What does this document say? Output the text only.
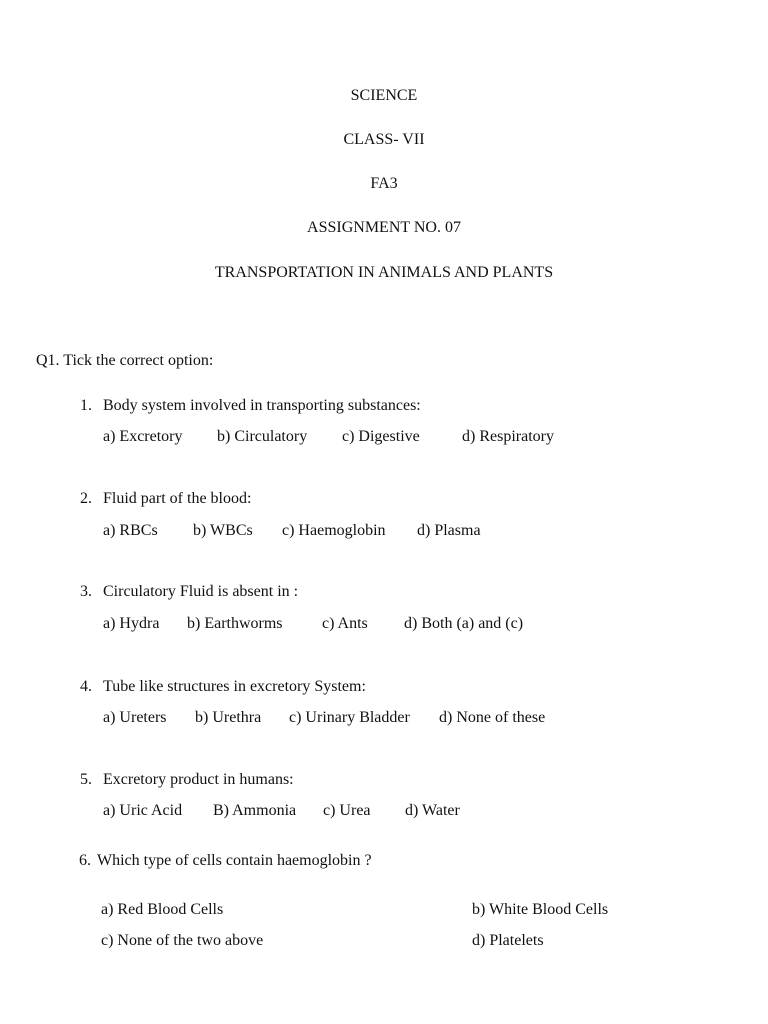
SCIENCE
CLASS- VII
FA3
ASSIGNMENT NO. 07
TRANSPORTATION IN ANIMALS AND PLANTS
Q1. Tick the correct option:
1. Body system involved in transporting substances:
a) Excretory b) Circulatory c) Digestive	d) Respiratory
2. Fluid part of the blood:
a) RBCs b) WBCs c) Haemoglobin d) Plasma
3. Circulatory Fluid is absent in :
a) Hydra b) Earthworms c) Ants d) Both (a) and (c)
4. Tube like structures in excretory System:
a) Ureters b) Urethra c) Urinary Bladder d) None of these
5. Excretory product in humans:
a) Uric Acid B) Ammonia c) Urea d) Water
6. Which type of cells contain haemoglobin ?
a) Red Blood Cells	b) White Blood Cells
c) None of the two above	d) Platelets
